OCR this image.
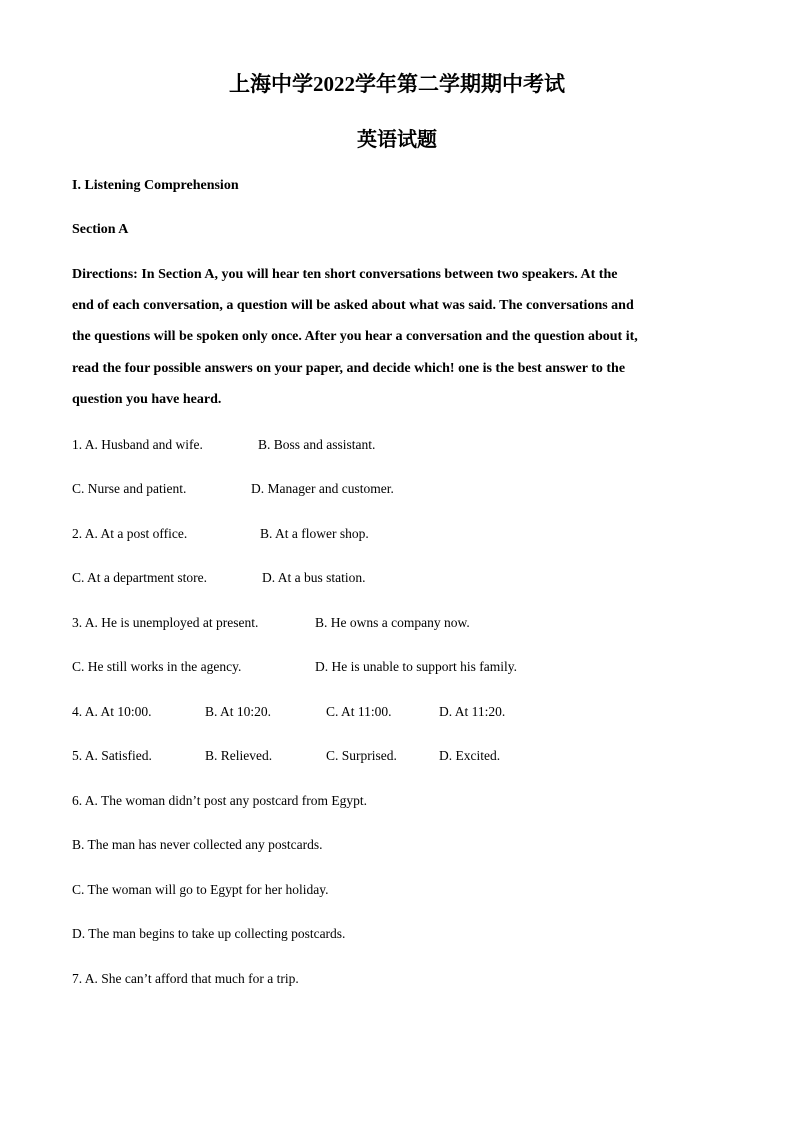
上海中学2022学年第二学期期中考试
英语试题
I. Listening Comprehension
Section A
Directions: In Section A, you will hear ten short conversations between two speakers. At the
end of each conversation, a question will be asked about what was said. The conversations and
the questions will be spoken only once. After you hear a conversation and the question about it,
read the four possible answers on your paper, and decide which! one is the best answer to the
question you have heard.
1. A. Husband and wife.	B. Boss and assistant.
C. Nurse and patient.	D. Manager and customer.
2. A. At a post office.	B. At a flower shop.
C. At a department store.	D. At a bus station.
3. A. He is unemployed at present.	B. He owns a company now.
C. He still works in the agency.	D. He is unable to support his family.
4. A. At 10:00.	B. At 10:20.	C. At 11:00.	D. At 11:20.
5. A. Satisfied.	B. Relieved.	C. Surprised.	D. Excited.
6. A. The woman didn’t post any postcard from Egypt.
B. The man has never collected any postcards.
C. The woman will go to Egypt for her holiday.
D. The man begins to take up collecting postcards.
7. A. She can’t afford that much for a trip.
